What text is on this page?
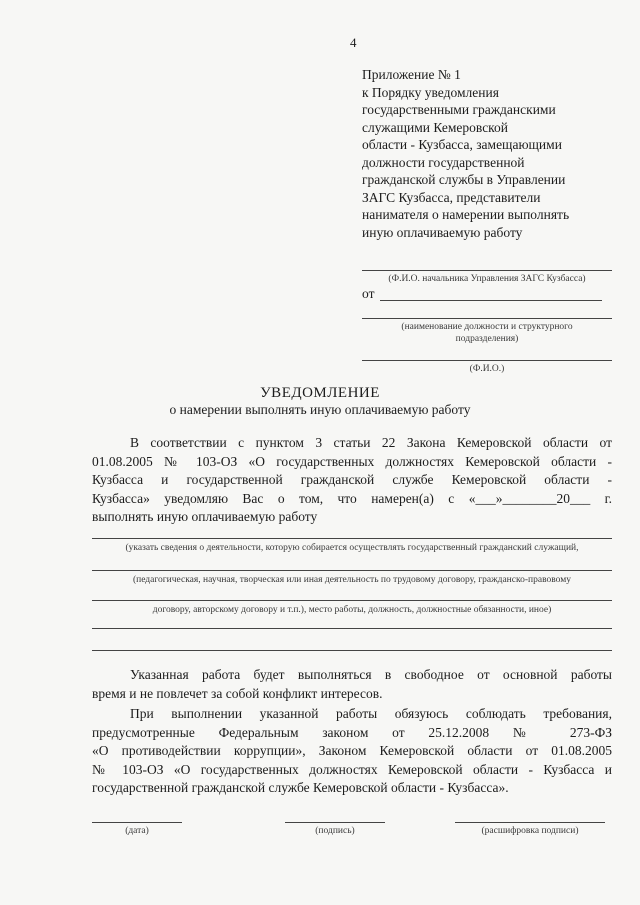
4
Приложение № 1
к Порядку уведомления
государственными гражданскими
служащими Кемеровской
области - Кузбасса, замещающими
должности государственной
гражданской службы в Управлении
ЗАГС Кузбасса, представители
нанимателя о намерении выполнять
иную оплачиваемую работу
(Ф.И.О. начальника Управления ЗАГС Кузбасса)
от
(наименование должности и структурного
подразделения)
(Ф.И.О.)
УВЕДОМЛЕНИЕ
о намерении выполнять иную оплачиваемую работу
В соответствии с пунктом 3 статьи 22 Закона Кемеровской области от
01.08.2005 № 103-ОЗ «О государственных должностях Кемеровской области -
Кузбасса и государственной гражданской службе Кемеровской области -
Кузбасса» уведомляю Вас о том, что намерен(а) с «___»________20___ г.
выполнять иную оплачиваемую работу
(указать сведения о деятельности, которую собирается осуществлять государственный гражданский служащий,
(педагогическая, научная, творческая или иная деятельность по трудовому договору, гражданско-правовому
договору, авторскому договору и т.п.), место работы, должность, должностные обязанности, иное)
Указанная работа будет выполняться в свободное от основной работы
время и не повлечет за собой конфликт интересов.
При выполнении указанной работы обязуюсь соблюдать требования,
предусмотренные Федеральным законом от 25.12.2008 № 273-ФЗ
«О противодействии коррупции», Законом Кемеровской области от 01.08.2005
№ 103-ОЗ «О государственных должностях Кемеровской области - Кузбасса и
государственной гражданской службе Кемеровской области - Кузбасса».
(дата)	(подпись)	(расшифровка подписи)
